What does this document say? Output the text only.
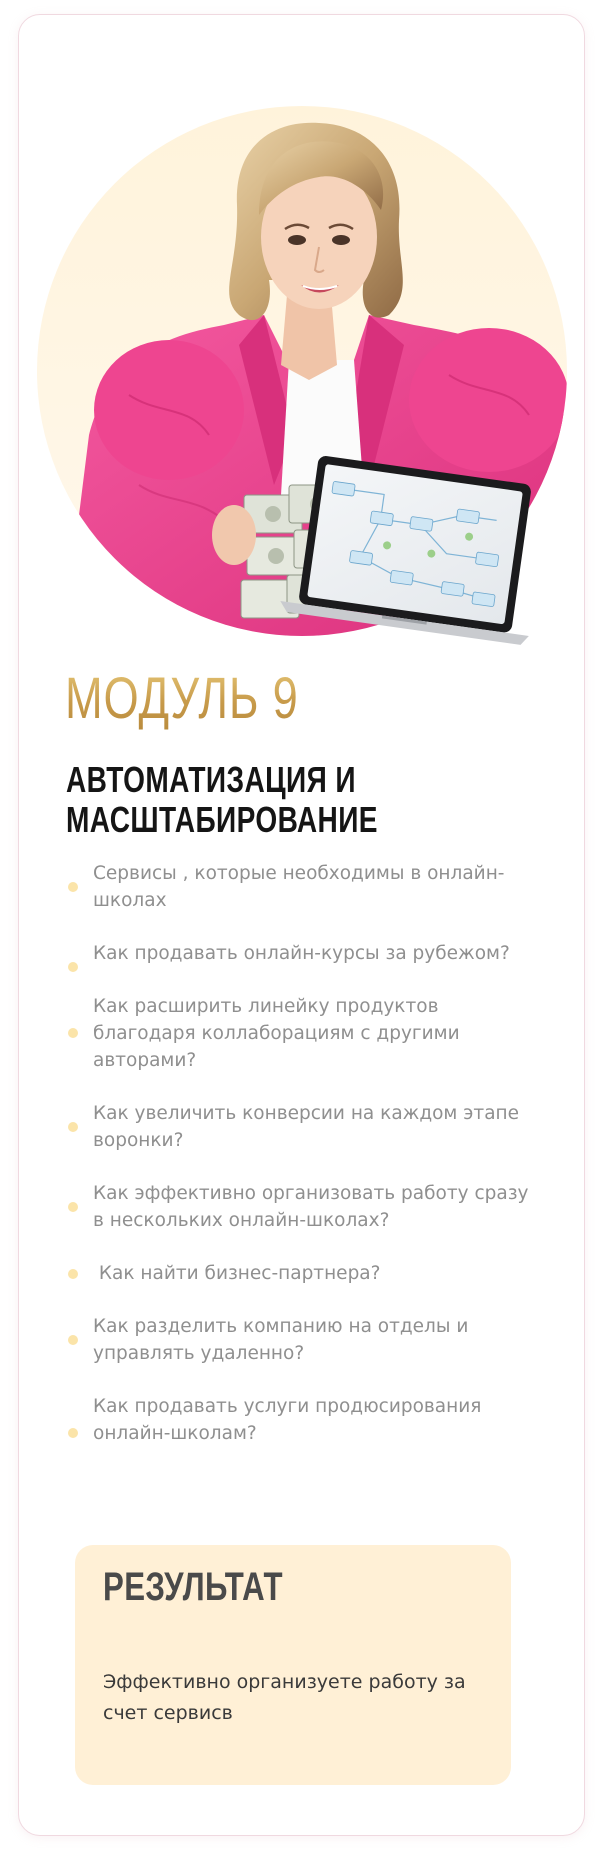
МОДУЛЬ 9
АВТОМАТИЗАЦИЯ И МАСШТАБИРОВАНИЕ
Сервисы , которые необходимы в онлайн-школах
Как продавать онлайн-курсы за рубежом?
Как расширить линейку продуктов благодаря коллаборациям с другими авторами?
Как увеличить конверсии на каждом этапе воронки?
Как эффективно организовать работу сразу в нескольких онлайн-школах?
Как найти бизнес-партнера?
Как разделить компанию на отделы и управлять удаленно?
Как продавать услуги продюсирования онлайн-школам?
РЕЗУЛЬТАТ

Эффективно организуете работу за счет сервисв
